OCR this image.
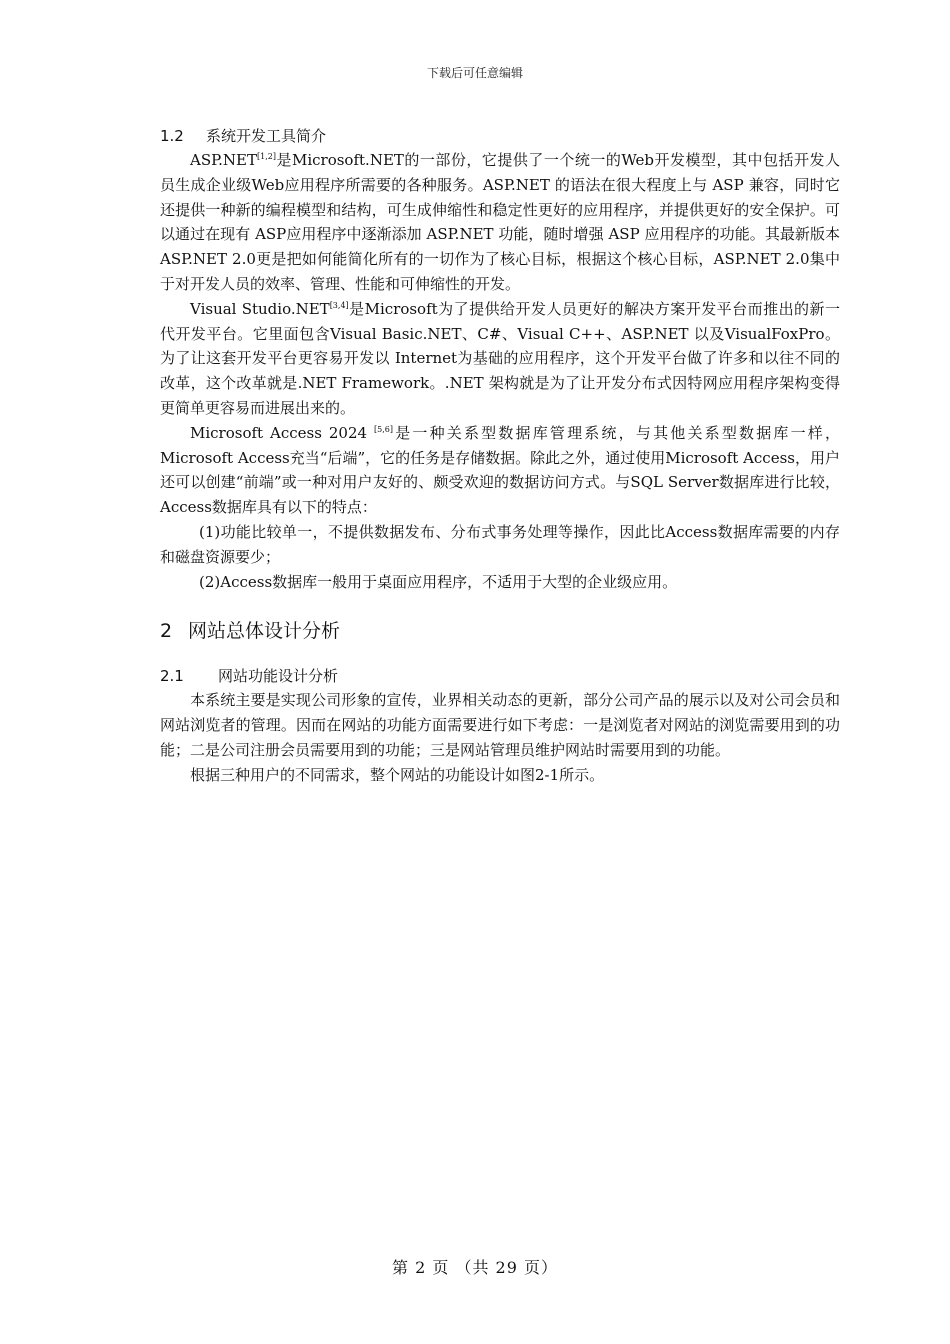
下载后可任意编辑
1.2 系统开发工具简介

ASP.NET[1,2]是Microsoft.NET的一部份，它提供了一个统一的Web开发模型，其中包括开发人员生成企业级Web应用程序所需要的各种服务。ASP.NET 的语法在很大程度上与 ASP 兼容，同时它还提供一种新的编程模型和结构，可生成伸缩性和稳定性更好的应用程序，并提供更好的安全保护。可以通过在现有 ASP应用程序中逐渐添加 ASP.NET 功能，随时增强 ASP 应用程序的功能。其最新版本ASP.NET 2.0更是把如何能简化所有的一切作为了核心目标，根据这个核心目标，ASP.NET 2.0集中于对开发人员的效率、管理、性能和可伸缩性的开发。

Visual Studio.NET[3,4]是Microsoft为了提供给开发人员更好的解决方案开发平台而推出的新一代开发平台。它里面包含Visual Basic.NET、C#、Visual C++、ASP.NET 以及VisualFoxPro。为了让这套开发平台更容易开发以 Internet为基础的应用程序，这个开发平台做了许多和以往不同的改革，这个改革就是.NET Framework。.NET 架构就是为了让开发分布式因特网应用程序架构变得更简单更容易而进展出来的。

Microsoft Access 2024 [5,6]是一种关系型数据库管理系统，与其他关系型数据库一样，Microsoft Access充当“后端”，它的任务是存储数据。除此之外，通过使用Microsoft Access，用户还可以创建“前端”或一种对用户友好的、颇受欢迎的数据访问方式。与SQL Server数据库进行比较，Access数据库具有以下的特点：

(1)功能比较单一，不提供数据发布、分布式事务处理等操作，因此比Access数据库需要的内存和磁盘资源要少；

(2)Access数据库一般用于桌面应用程序，不适用于大型的企业级应用。

2 网站总体设计分析
2.1 网站功能设计分析

本系统主要是实现公司形象的宣传，业界相关动态的更新，部分公司产品的展示以及对公司会员和网站浏览者的管理。因而在网站的功能方面需要进行如下考虑：一是浏览者对网站的浏览需要用到的功能；二是公司注册会员需要用到的功能；三是网站管理员维护网站时需要用到的功能。

根据三种用户的不同需求，整个网站的功能设计如图2-1所示。

第 2 页 （共 29 页）
